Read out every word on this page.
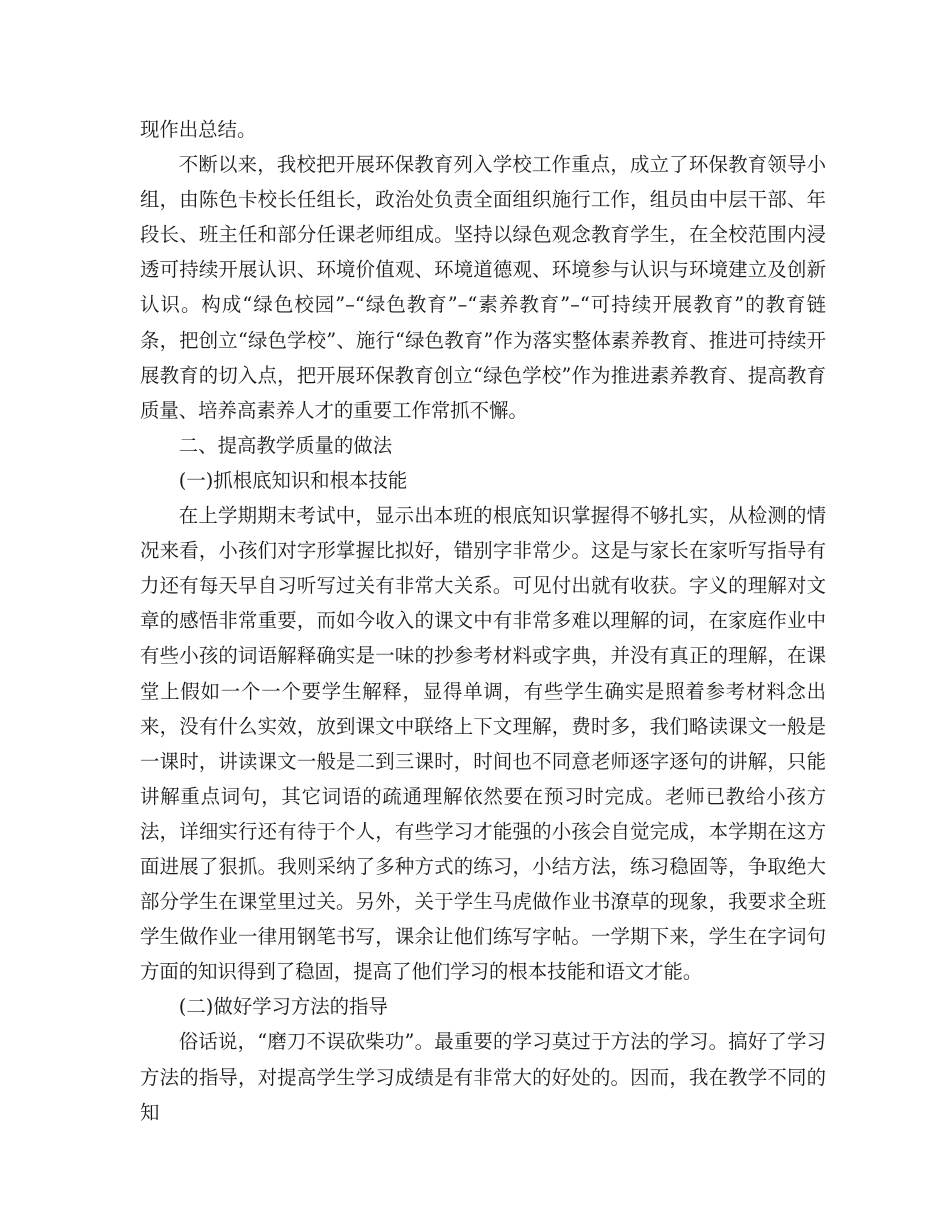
现作出总结。

不断以来，我校把开展环保教育列入学校工作重点，成立了环保教育领导小组，由陈色卡校长任组长，政治处负责全面组织施行工作，组员由中层干部、年段长、班主任和部分任课老师组成。坚持以绿色观念教育学生，在全校范围内浸透可持续开展认识、环境价值观、环境道德观、环境参与认识与环境建立及创新认识。构成“绿色校园”–“绿色教育”–“素养教育”–“可持续开展教育”的教育链条，把创立“绿色学校”、施行“绿色教育”作为落实整体素养教育、推进可持续开展教育的切入点，把开展环保教育创立“绿色学校”作为推进素养教育、提高教育质量、培养高素养人才的重要工作常抓不懈。

二、提高教学质量的做法

(一)抓根底知识和根本技能

在上学期期末考试中，显示出本班的根底知识掌握得不够扎实，从检测的情况来看，小孩们对字形掌握比拟好，错别字非常少。这是与家长在家听写指导有力还有每天早自习听写过关有非常大关系。可见付出就有收获。字义的理解对文章的感悟非常重要，而如今收入的课文中有非常多难以理解的词，在家庭作业中有些小孩的词语解释确实是一味的抄参考材料或字典，并没有真正的理解，在课堂上假如一个一个要学生解释，显得单调，有些学生确实是照着参考材料念出来，没有什么实效，放到课文中联络上下文理解，费时多，我们略读课文一般是一课时，讲读课文一般是二到三课时，时间也不同意老师逐字逐句的讲解，只能讲解重点词句，其它词语的疏通理解依然要在预习时完成。老师已教给小孩方法，详细实行还有待于个人，有些学习才能强的小孩会自觉完成，本学期在这方面进展了狠抓。我则采纳了多种方式的练习，小结方法，练习稳固等，争取绝大部分学生在课堂里过关。另外，关于学生马虎做作业书潦草的现象，我要求全班学生做作业一律用钢笔书写，课余让他们练写字帖。一学期下来，学生在字词句方面的知识得到了稳固，提高了他们学习的根本技能和语文才能。

(二)做好学习方法的指导

俗话说，“磨刀不误砍柴功”。最重要的学习莫过于方法的学习。搞好了学习方法的指导，对提高学生学习成绩是有非常大的好处的。因而，我在教学不同的知
